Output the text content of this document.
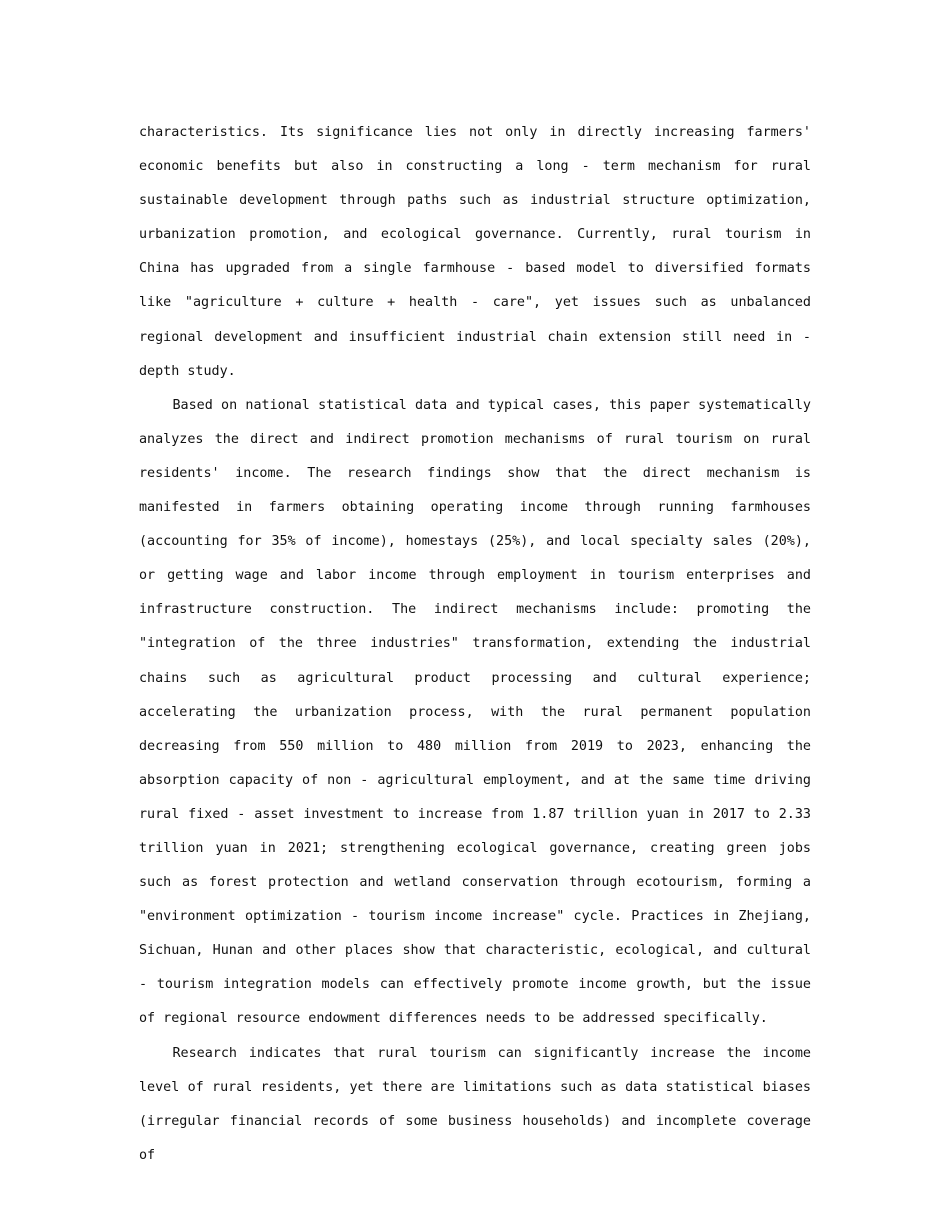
characteristics. Its significance lies not only in directly increasing farmers' economic benefits but also in constructing a long - term mechanism for rural sustainable development through paths such as industrial structure optimization, urbanization promotion, and ecological governance. Currently, rural tourism in China has upgraded from a single farmhouse - based model to diversified formats like "agriculture + culture + health - care", yet issues such as unbalanced regional development and insufficient industrial chain extension still need in - depth study.

Based on national statistical data and typical cases, this paper systematically analyzes the direct and indirect promotion mechanisms of rural tourism on rural residents' income. The research findings show that the direct mechanism is manifested in farmers obtaining operating income through running farmhouses (accounting for 35% of income), homestays (25%), and local specialty sales (20%), or getting wage and labor income through employment in tourism enterprises and infrastructure construction. The indirect mechanisms include: promoting the "integration of the three industries" transformation, extending the industrial chains such as agricultural product processing and cultural experience; accelerating the urbanization process, with the rural permanent population decreasing from 550 million to 480 million from 2019 to 2023, enhancing the absorption capacity of non - agricultural employment, and at the same time driving rural fixed - asset investment to increase from 1.87 trillion yuan in 2017 to 2.33 trillion yuan in 2021; strengthening ecological governance, creating green jobs such as forest protection and wetland conservation through ecotourism, forming a "environment optimization - tourism income increase" cycle. Practices in Zhejiang, Sichuan, Hunan and other places show that characteristic, ecological, and cultural - tourism integration models can effectively promote income growth, but the issue of regional resource endowment differences needs to be addressed specifically.

Research indicates that rural tourism can significantly increase the income level of rural residents, yet there are limitations such as data statistical biases (irregular financial records of some business households) and incomplete coverage of
